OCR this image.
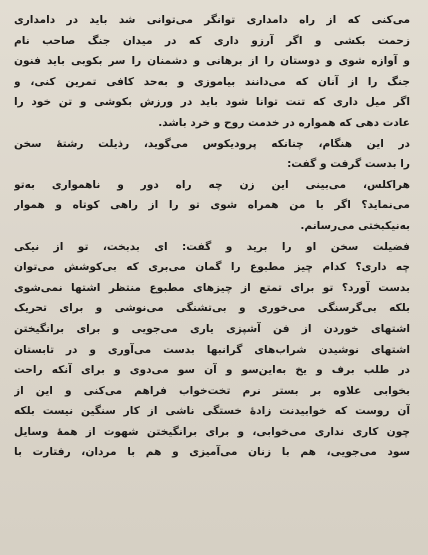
می‌کنی که از راه دامداری توانگر می‌توانی شد باید در دامداری
زحمت بکشی و اگر آرزو داری که در میدان جنگ صاحب نام
و آوازه شوی و دوستان را از برهانی و دشمنان را سر بکوبی باید فنون
جنگ را از آنان که می‌دانند بیاموزی و به‌حد کافی تمرین کنی، و
اگر میل داری که تنت توانا شود باید در ورزش بکوشی و تن خود را
عادت دهی که همواره در خدمت روح و خرد باشد.
در این هنگام، چنانکه پرودیکوس می‌گوید، رذیلت رشتهٔ سخن
را بدست گرفت و گفت:
هراکلس، می‌بینی این زن چه راه دور و ناهمواری به‌تو
می‌نماید؟ اگر با من همراه شوی تو را از راهی کوتاه و هموار
به‌نیکبختی می‌رسانم.
فضیلت سخن او را برید و گفت: ای بدبخت، تو از نیکی
چه داری؟ کدام چیز مطبوع را گمان می‌بری که بی‌کوشش می‌توان
بدست آورد؟ تو برای تمتع از چیزهای مطبوع منتظر اشتها نمی‌شوی
بلکه بی‌گرسنگی می‌خوری و بی‌تشنگی می‌نوشی و برای تحریک
اشتهای خوردن از فن آشپزی یاری می‌جویی و برای برانگیختن
اشتهای نوشیدن شراب‌های گرانبها بدست می‌آوری و در تابستان
در طلب برف و یخ به‌این‌سو و آن سو می‌دوی و برای آنکه راحت
بخوابی علاوه بر بستر نرم تخت‌خواب فراهم می‌کنی و این از
آن روست که خوابیدنت زادهٔ خستگی ناشی از کار سنگین نیست بلکه
چون کاری نداری می‌خوابی، و برای برانگیختن شهوت از همهٔ وسایل
سود می‌جویی، هم با زنان می‌آمیزی و هم با مردان، رفتارت با
